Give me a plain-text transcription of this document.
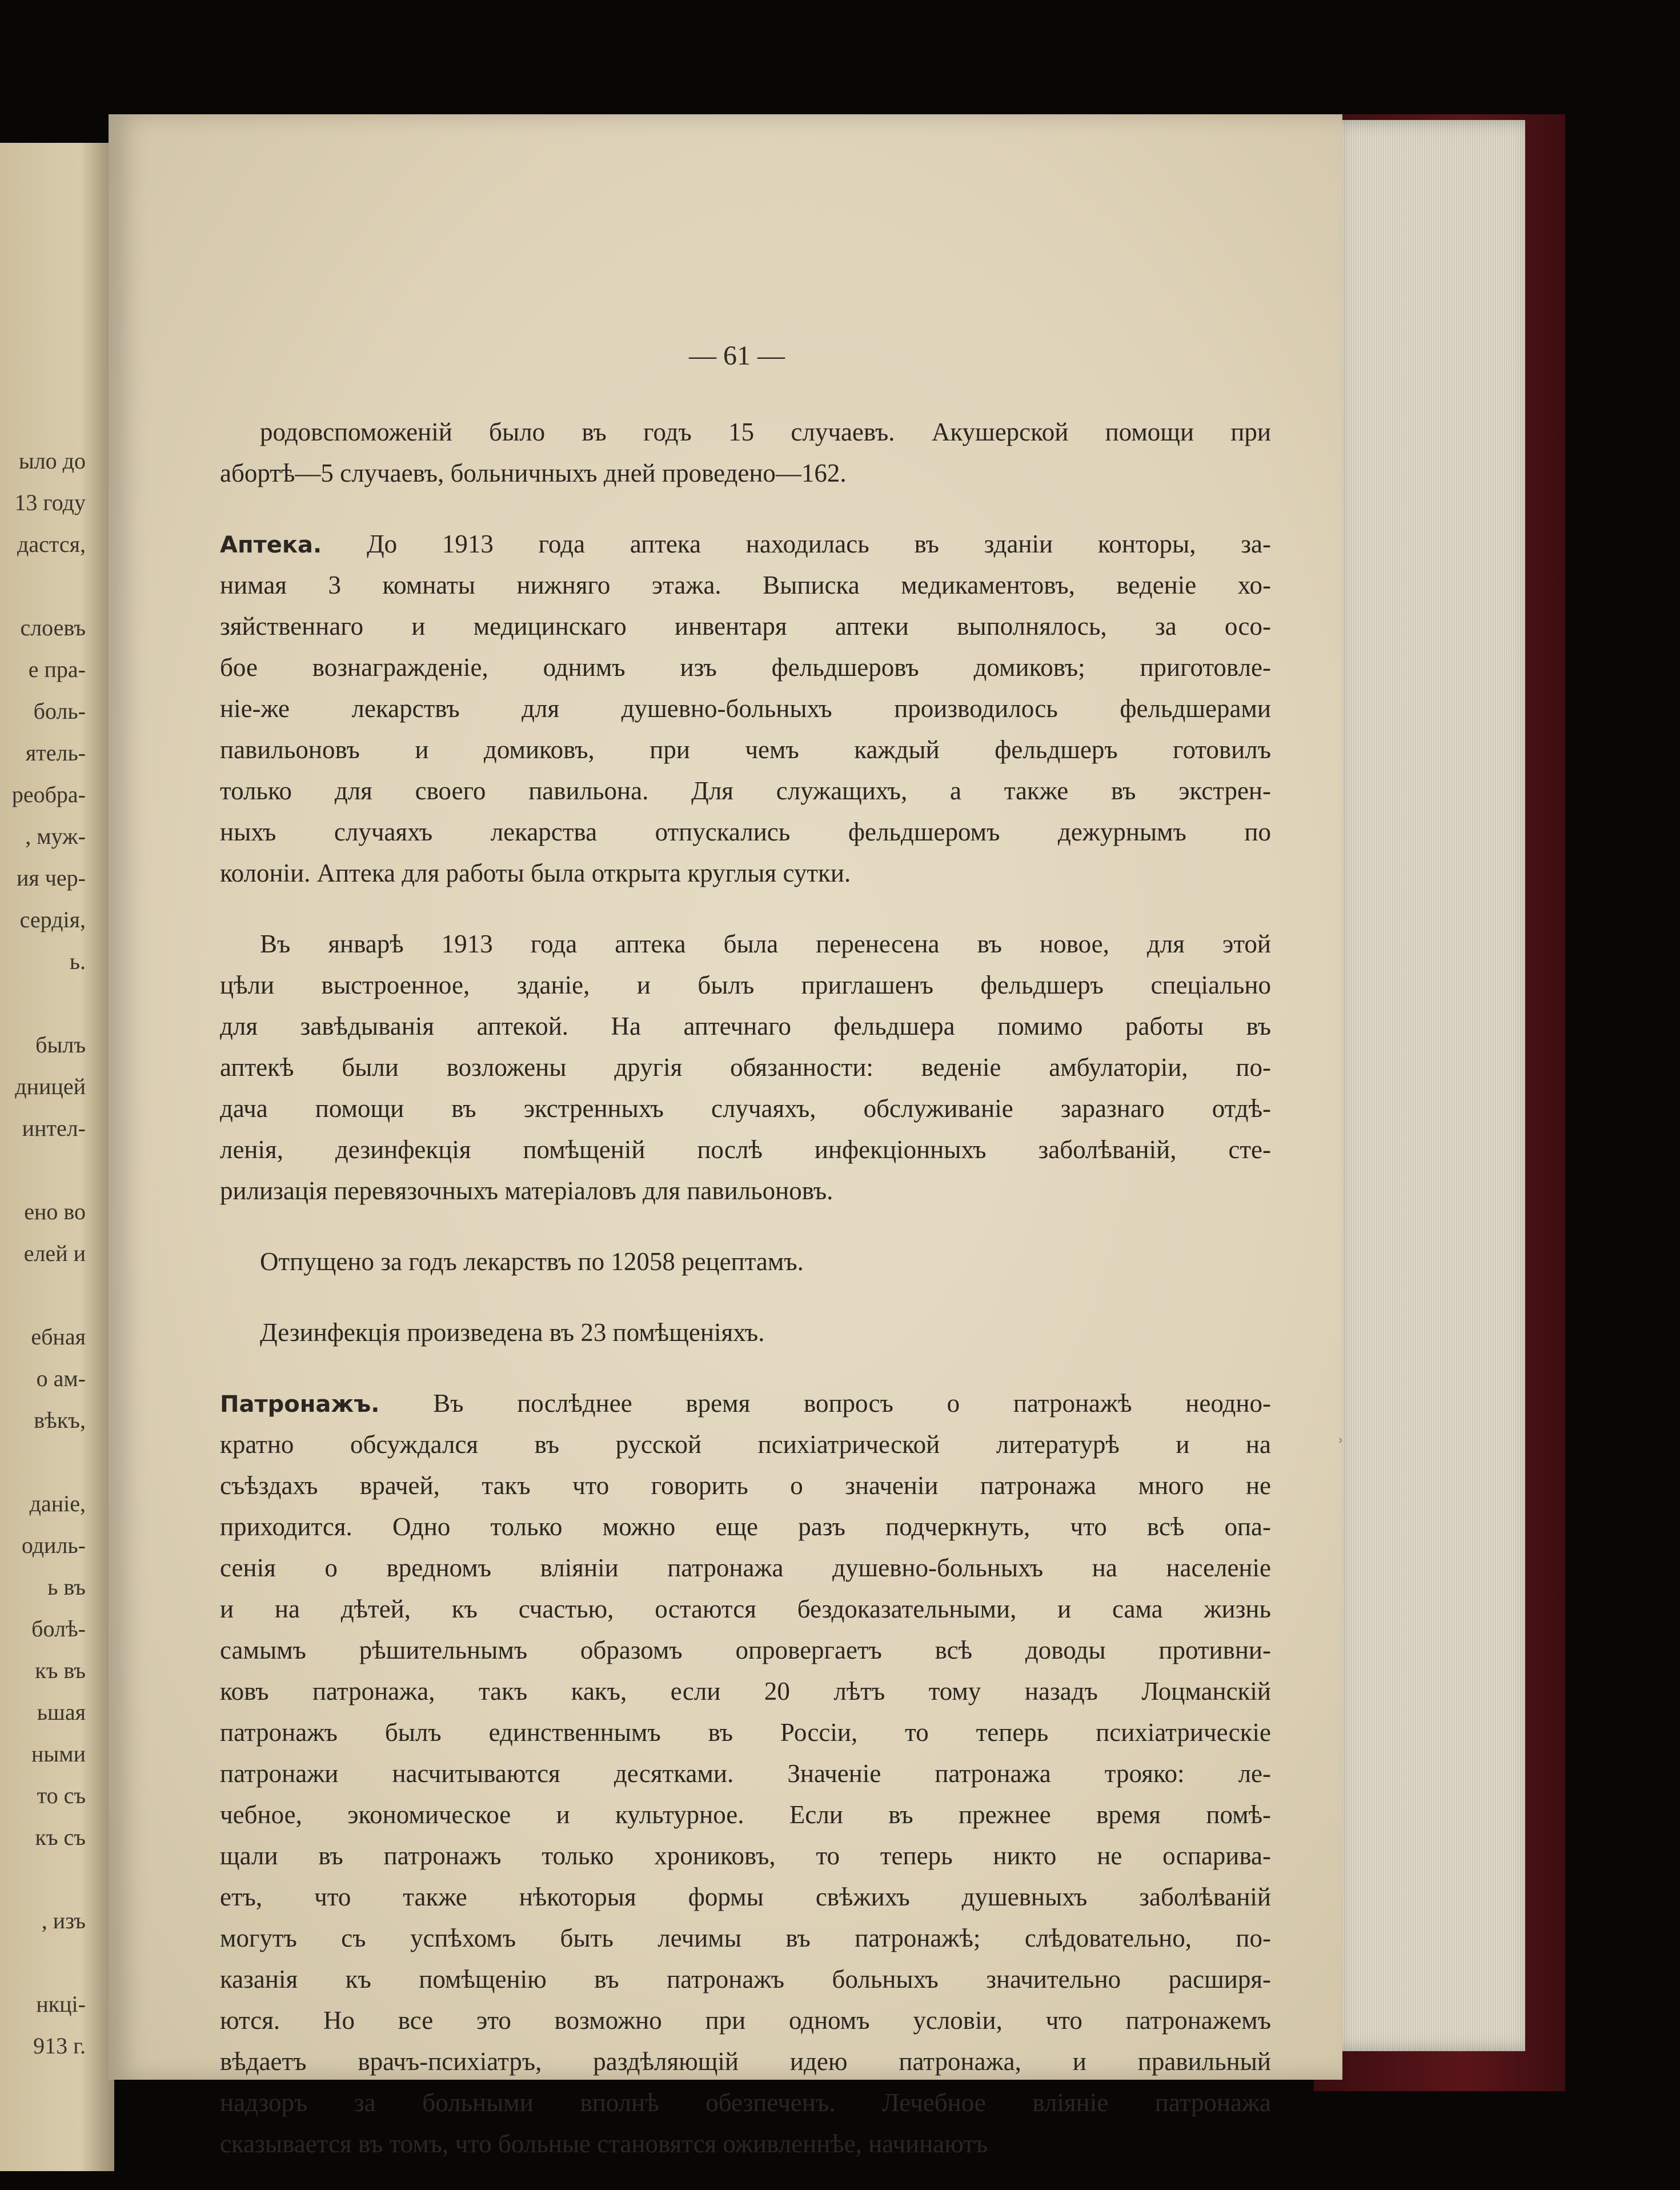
ыло до
13 году
дастся,
слоевъ
е пра-
боль-
ятель-
реобра-
, муж-
ия чер-
сердія,
ь.
былъ
дницей
интел-
ено во
елей и
ебная
о ам-
вѣкъ,
даніе,
одиль-
ь въ
болѣ-
къ въ
ьшая
ными
то съ
къ съ
, изъ
нкці-
913 г.
— 61 —
родовспоможеній было въ годъ 15 случаевъ. Акушерской помощи при
абортѣ—5 случаевъ, больничныхъ дней проведено—162.
Аптека. До 1913 года аптека находилась въ зданіи конторы, за-
нимая 3 комнаты нижняго этажа. Выписка медикаментовъ, веденіе хо-
зяйственнаго и медицинскаго инвентаря аптеки выполнялось, за осо-
бое вознагражденіе, однимъ изъ фельдшеровъ домиковъ; приготовле-
ніе-же лекарствъ для душевно-больныхъ производилось фельдшерами
павильоновъ и домиковъ, при чемъ каждый фельдшеръ готовилъ
только для своего павильона. Для служащихъ, а также въ экстрен-
ныхъ случаяхъ лекарства отпускались фельдшеромъ дежурнымъ по
колоніи. Аптека для работы была открыта круглыя сутки.
Въ январѣ 1913 года аптека была перенесена въ новое, для этой
цѣли выстроенное, зданіе, и былъ приглашенъ фельдшеръ спеціально
для завѣдыванія аптекой. На аптечнаго фельдшера помимо работы въ
аптекѣ были возложены другія обязанности: веденіе амбулаторіи, по-
дача помощи въ экстренныхъ случаяхъ, обслуживаніе заразнаго отдѣ-
ленія, дезинфекція помѣщеній послѣ инфекціонныхъ заболѣваній, сте-
рилизація перевязочныхъ матеріаловъ для павильоновъ.
Отпущено за годъ лекарствъ по 12058 рецептамъ.
Дезинфекція произведена въ 23 помѣщеніяхъ.
Патронажъ. Въ послѣднее время вопросъ о патронажѣ неодно-
кратно обсуждался въ русской психіатрической литературѣ и на
съѣздахъ врачей, такъ что говорить о значеніи патронажа много не
приходится. Одно только можно еще разъ подчеркнуть, что всѣ опа-
сенія о вредномъ вліяніи патронажа душевно-больныхъ на населеніе
и на дѣтей, къ счастью, остаются бездоказательными, и сама жизнь
самымъ рѣшительнымъ образомъ опровергаетъ всѣ доводы противни-
ковъ патронажа, такъ какъ, если 20 лѣтъ тому назадъ Лоцманскій
патронажъ былъ единственнымъ въ Россіи, то теперь психіатрическіе
патронажи насчитываются десятками. Значеніе патронажа трояко: ле-
чебное, экономическое и культурное. Если въ прежнее время помѣ-
щали въ патронажъ только хрониковъ, то теперь никто не оспарива-
етъ, что также нѣкоторыя формы свѣжихъ душевныхъ заболѣваній
могутъ съ успѣхомъ быть лечимы въ патронажѣ; слѣдовательно, по-
казанія къ помѣщенію въ патронажъ больныхъ значительно расширя-
ются. Но все это возможно при одномъ условіи, что патронажемъ
вѣдаетъ врачъ-психіатръ, раздѣляющій идею патронажа, и правильный
надзоръ за больными вполнѣ обезпеченъ. Лечебное вліяніе патронажа
сказывается въ томъ, что больные становятся оживленнѣе, начинаютъ
˒
